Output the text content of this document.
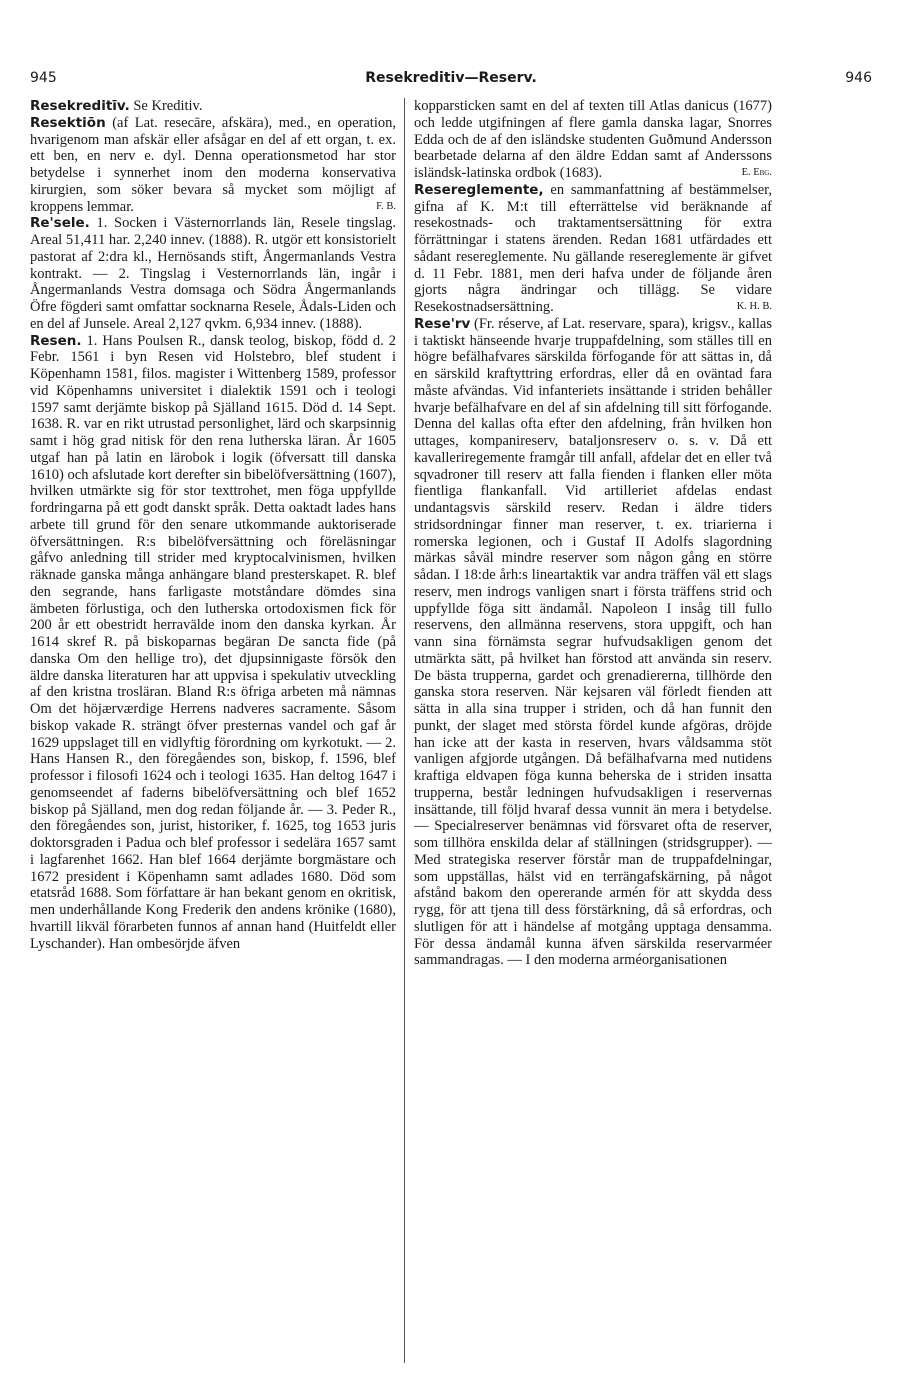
945	Resekreditiv—Reserv.	946

Resekreditīv. Se Kreditiv.

Resektiōn (af Lat. resecāre, afskära), med., en operation, hvarigenom man afskär eller afsågar en del af ett organ, t. ex. ett ben, en nerv e. dyl. Denna operationsmetod har stor betydelse i synnerhet inom den moderna konservativa kirurgien, som söker bevara så mycket som möjligt af kroppens lemmar.	F. B.

Re'sele. 1. Socken i Västernorrlands län, Resele tingslag. Areal 51,411 har. 2,240 innev. (1888). R. utgör ett konsistorielt pastorat af 2:dra kl., Hernösands stift, Ångermanlands Vestra kontrakt. — 2. Tingslag i Vesternorrlands län, ingår i Ångermanlands Vestra domsaga och Södra Ångermanlands Öfre fögderi samt omfattar socknarna Resele, Ådals-Liden och en del af Junsele. Areal 2,127 qvkm. 6,934 innev. (1888).

Resen. 1. Hans Poulsen R., dansk teolog, biskop, född d. 2 Febr. 1561 i byn Resen vid Holstebro, blef student i Köpenhamn 1581, filos. magister i Wittenberg 1589, professor vid Köpenhamns universitet i dialektik 1591 och i teologi 1597 samt derjämte biskop på Själland 1615. Död d. 14 Sept. 1638. R. var en rikt utrustad personlighet, lärd och skarpsinnig samt i hög grad nitisk för den rena lutherska läran. År 1605 utgaf han på latin en lärobok i logik (öfversatt till danska 1610) och afslutade kort derefter sin bibelöfversättning (1607), hvilken utmärkte sig för stor texttrohet, men föga uppfyllde fordringarna på ett godt danskt språk. Detta oaktadt lades hans arbete till grund för den senare utkommande auktoriserade öfversättningen. R:s bibelöfversättning och föreläsningar gåfvo anledning till strider med kryptocalvinismen, hvilken räknade ganska många anhängare bland presterskapet. R. blef den segrande, hans farligaste motståndare dömdes sina ämbeten förlustiga, och den lutherska ortodoxismen fick för 200 år ett obestridt herravälde inom den danska kyrkan. År 1614 skref R. på biskoparnas begäran De sancta fide (på danska Om den hellige tro), det djupsinnigaste försök den äldre danska literaturen har att uppvisa i spekulativ utveckling af den kristna trosläran. Bland R:s öfriga arbeten må nämnas Om det höjærværdige Herrens nadveres sacramente. Såsom biskop vakade R. strängt öfver presternas vandel och gaf år 1629 uppslaget till en vidlyftig förordning om kyrkotukt. — 2. Hans Hansen R., den föregåendes son, biskop, f. 1596, blef professor i filosofi 1624 och i teologi 1635. Han deltog 1647 i genomseendet af faderns bibelöfversättning och blef 1652 biskop på Själland, men dog redan följande år. — 3. Peder R., den föregåendes son, jurist, historiker, f. 1625, tog 1653 juris doktorsgraden i Padua och blef professor i sedelära 1657 samt i lagfarenhet 1662. Han blef 1664 derjämte borgmästare och 1672 president i Köpenhamn samt adlades 1680. Död som etatsråd 1688. Som författare är han bekant genom en okritisk, men underhållande Kong Frederik den andens krönike (1680), hvartill likväl förarbeten funnos af annan hand (Huitfeldt eller Lyschander). Han ombesörjde äfven

kopparsticken samt en del af texten till Atlas danicus (1677) och ledde utgifningen af flere gamla danska lagar, Snorres Edda och de af den isländske studenten Guðmund Andersson bearbetade delarna af den äldre Eddan samt af Anderssons isländsk-latinska ordbok (1683).	E. Ebg.

Resereglemente, en sammanfattning af bestämmelser, gifna af K. M:t till efterrättelse vid beräknande af resekostnads- och traktamentsersättning för extra förrättningar i statens ärenden. Redan 1681 utfärdades ett sådant resereglemente. Nu gällande resereglemente är gifvet d. 11 Febr. 1881, men deri hafva under de följande åren gjorts några ändringar och tillägg. Se vidare Resekostnadsersättning.	K. H. B.

Rese'rv (Fr. réserve, af Lat. reservare, spara), krigsv., kallas i taktiskt hänseende hvarje truppafdelning, som ställes till en högre befälhafvares särskilda förfogande för att sättas in, då en särskild kraftyttring erfordras, eller då en oväntad fara måste afvändas. Vid infanteriets insättande i striden behåller hvarje befälhafvare en del af sin afdelning till sitt förfogande. Denna del kallas ofta efter den afdelning, från hvilken hon uttages, kompanireserv, bataljonsreserv o. s. v. Då ett kavalleriregemente framgår till anfall, afdelar det en eller två sqvadroner till reserv att falla fienden i flanken eller möta fientliga flankanfall. Vid artilleriet afdelas endast undantagsvis särskild reserv. Redan i äldre tiders stridsordningar finner man reserver, t. ex. triarierna i romerska legionen, och i Gustaf II Adolfs slagordning märkas såväl mindre reserver som någon gång en större sådan. I 18:de årh:s lineartaktik var andra träffen väl ett slags reserv, men indrogs vanligen snart i första träffens strid och uppfyllde föga sitt ändamål. Napoleon I insåg till fullo reservens, den allmänna reservens, stora uppgift, och han vann sina förnämsta segrar hufvudsakligen genom det utmärkta sätt, på hvilket han förstod att använda sin reserv. De bästa trupperna, gardet och grenadiererna, tillhörde den ganska stora reserven. När kejsaren väl förledt fienden att sätta in alla sina trupper i striden, och då han funnit den punkt, der slaget med största fördel kunde afgöras, dröjde han icke att der kasta in reserven, hvars våldsamma stöt vanligen afgjorde utgången. Då befälhafvarna med nutidens kraftiga eldvapen föga kunna beherska de i striden insatta trupperna, består ledningen hufvudsakligen i reservernas insättande, till följd hvaraf dessa vunnit än mera i betydelse. — Specialreserver benämnas vid försvaret ofta de reserver, som tillhöra enskilda delar af ställningen (stridsgrupper). — Med strategiska reserver förstår man de truppafdelningar, som uppställas, hälst vid en terrängafskärning, på något afstånd bakom den opererande armén för att skydda dess rygg, för att tjena till dess förstärkning, då så erfordras, och slutligen för att i händelse af motgång upptaga densamma. För dessa ändamål kunna äfven särskilda reservarméer sammandragas. — I den moderna arméorganisationen
